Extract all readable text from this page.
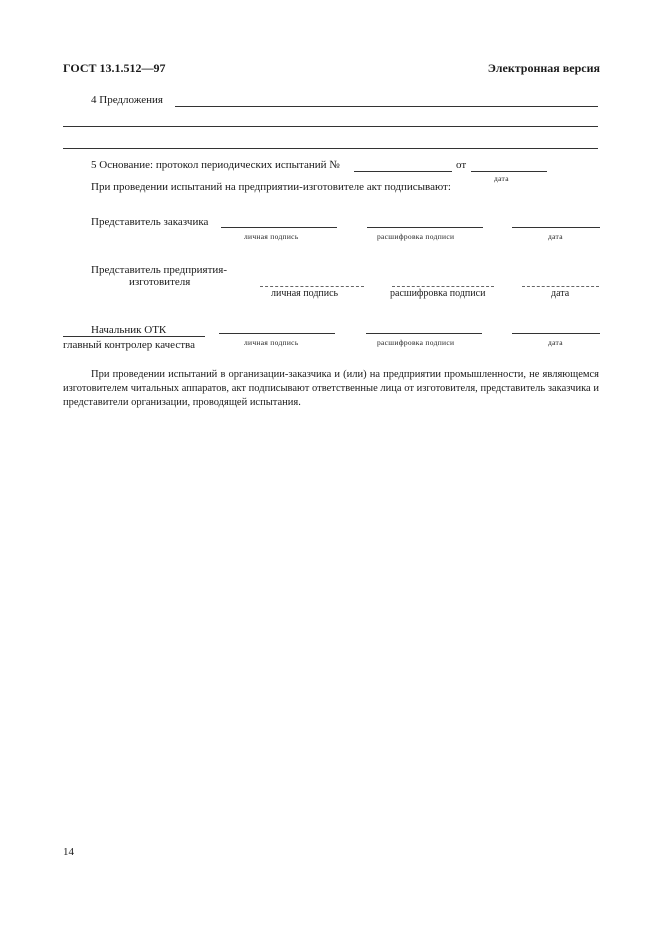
ГОСТ 13.1.512—97	Электронная версия
4 Предложения
5 Основание: протокол периодических испытаний №	от
дата
При проведении испытаний на предприятии-изготовителе акт подписывают:
Представитель заказчика
личная подпись	расшифровка подписи	дата
Представитель предприятия-
изготовителя
личная подпись	расшифровка подписи	дата
Начальник ОТК
главный контролер качества	личная подпись	расшифровка подписи	дата
При проведении испытаний в организации-заказчика и (или) на предприятии промышленности, не являющемся изготовителем читальных аппаратов, акт подписывают ответственные лица от изготовителя, представитель заказчика и представители организации, проводящей испытания.
14
